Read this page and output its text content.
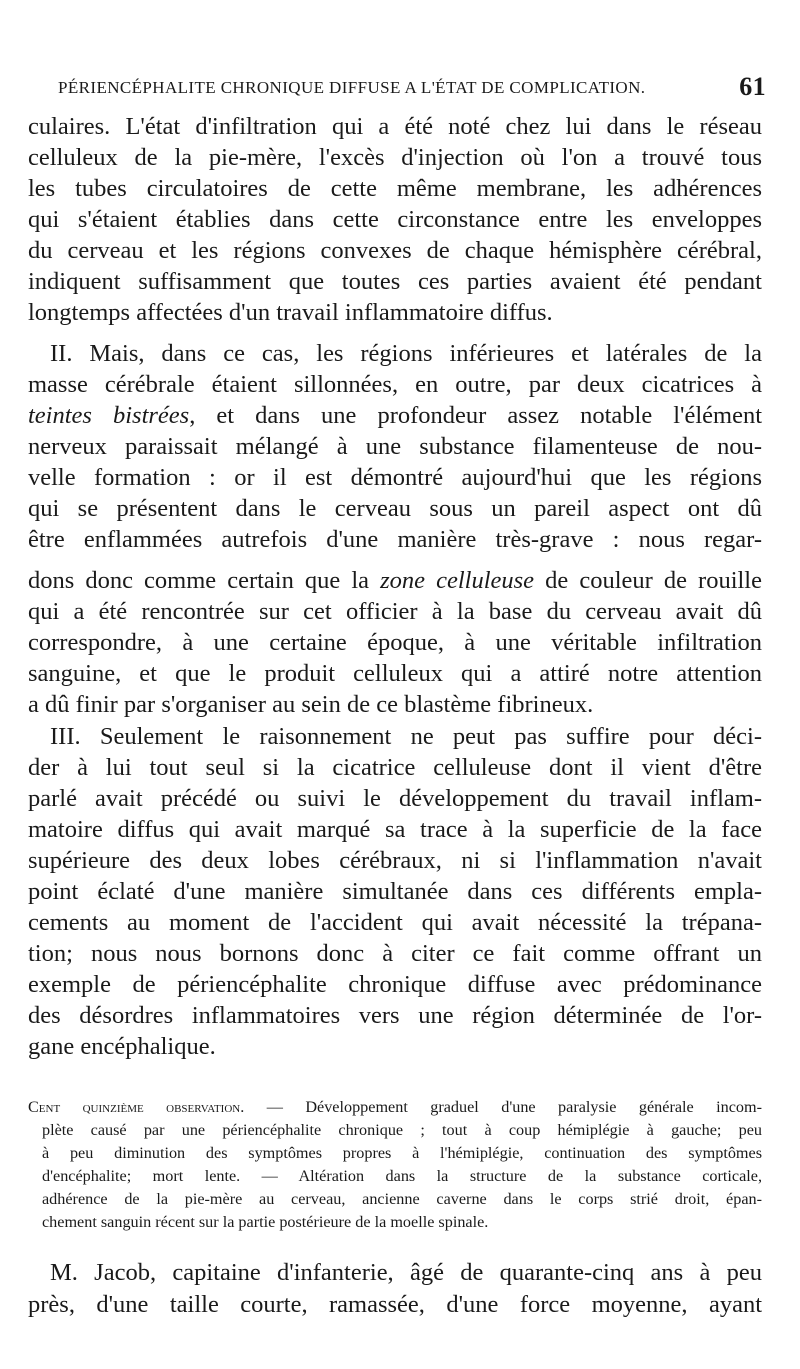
PÉRIENCÉPHALITE CHRONIQUE DIFFUSE A L'ÉTAT DE COMPLICATION.	61
culaires. L'état d'infiltration qui a été noté chez lui dans le réseau
celluleux de la pie-mère, l'excès d'injection où l'on a trouvé tous
les tubes circulatoires de cette même membrane, les adhérences
qui s'étaient établies dans cette circonstance entre les enveloppes
du cerveau et les régions convexes de chaque hémisphère cérébral,
indiquent suffisamment que toutes ces parties avaient été pendant
longtemps affectées d'un travail inflammatoire diffus.
II. Mais, dans ce cas, les régions inférieures et latérales de la
masse cérébrale étaient sillonnées, en outre, par deux cicatrices à
teintes bistrées, et dans une profondeur assez notable l'élément
nerveux paraissait mélangé à une substance filamenteuse de nou-
velle formation : or il est démontré aujourd'hui que les régions
qui se présentent dans le cerveau sous un pareil aspect ont dû
être enflammées autrefois d'une manière très-grave : nous regar-
dons donc comme certain que la zone celluleuse de couleur de rouille
qui a été rencontrée sur cet officier à la base du cerveau avait dû
correspondre, à une certaine époque, à une véritable infiltration
sanguine, et que le produit celluleux qui a attiré notre attention
a dû finir par s'organiser au sein de ce blastème fibrineux.
III. Seulement le raisonnement ne peut pas suffire pour déci-
der à lui tout seul si la cicatrice celluleuse dont il vient d'être
parlé avait précédé ou suivi le développement du travail inflam-
matoire diffus qui avait marqué sa trace à la superficie de la face
supérieure des deux lobes cérébraux, ni si l'inflammation n'avait
point éclaté d'une manière simultanée dans ces différents empla-
cements au moment de l'accident qui avait nécessité la trépana-
tion; nous nous bornons donc à citer ce fait comme offrant un
exemple de périencéphalite chronique diffuse avec prédominance
des désordres inflammatoires vers une région déterminée de l'or-
gane encéphalique.
Cent quinzième observation. — Développement graduel d'une paralysie générale incom-
plète causé par une périencéphalite chronique ; tout à coup hémiplégie à gauche; peu
à peu diminution des symptômes propres à l'hémiplégie, continuation des symptômes
d'encéphalite; mort lente. — Altération dans la structure de la substance corticale,
adhérence de la pie-mère au cerveau, ancienne caverne dans le corps strié droit, épan-
chement sanguin récent sur la partie postérieure de la moelle spinale.
M. Jacob, capitaine d'infanterie, âgé de quarante-cinq ans à peu
près, d'une taille courte, ramassée, d'une force moyenne, ayant
